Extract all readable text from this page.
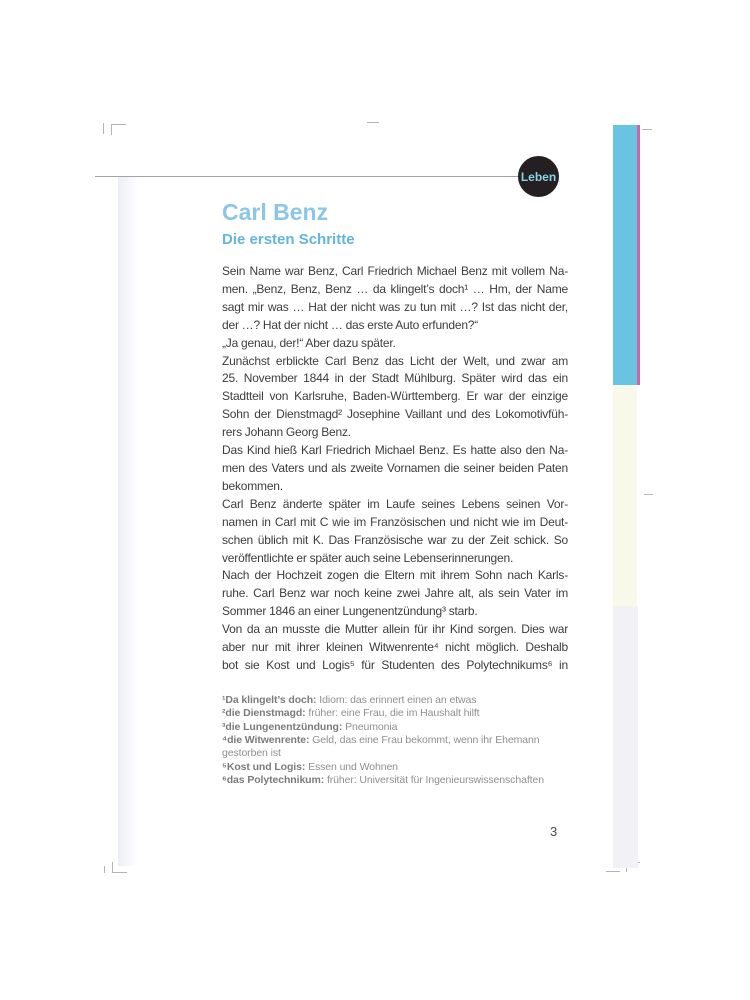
Leben
Carl Benz
Die ersten Schritte
Sein Name war Benz, Carl Friedrich Michael Benz mit vollem Na-
men. „Benz, Benz, Benz … da klingelt’s doch¹ … Hm, der Name
sagt mir was … Hat der nicht was zu tun mit …? Ist das nicht der,
der …? Hat der nicht … das erste Auto erfunden?“
„Ja genau, der!“ Aber dazu später.
Zunächst erblickte Carl Benz das Licht der Welt, und zwar am
25. November 1844 in der Stadt Mühlburg. Später wird das ein
Stadtteil von Karlsruhe, Baden-Württemberg. Er war der einzige
Sohn der Dienstmagd² Josephine Vaillant und des Lokomotivfüh-
rers Johann Georg Benz.
Das Kind hieß Karl Friedrich Michael Benz. Es hatte also den Na-
men des Vaters und als zweite Vornamen die seiner beiden Paten
bekommen.
Carl Benz änderte später im Laufe seines Lebens seinen Vor-
namen in Carl mit C wie im Französischen und nicht wie im Deut-
schen üblich mit K. Das Französische war zu der Zeit schick. So
veröffentlichte er später auch seine Lebenserinnerungen.
Nach der Hochzeit zogen die Eltern mit ihrem Sohn nach Karls-
ruhe. Carl Benz war noch keine zwei Jahre alt, als sein Vater im
Sommer 1846 an einer Lungenentzündung³ starb.
Von da an musste die Mutter allein für ihr Kind sorgen. Dies war
aber nur mit ihrer kleinen Witwenrente⁴ nicht möglich. Deshalb
bot sie Kost und Logis⁵ für Studenten des Polytechnikums⁶ in
¹Da klingelt’s doch: Idiom: das erinnert einen an etwas
²die Dienstmagd: früher: eine Frau, die im Haushalt hilft
³die Lungenentzündung: Pneumonia
⁴die Witwenrente: Geld, das eine Frau bekommt, wenn ihr Ehemann gestorben ist
⁵Kost und Logis: Essen und Wohnen
⁶das Polytechnikum: früher: Universität für Ingenieurswissenschaften
3
